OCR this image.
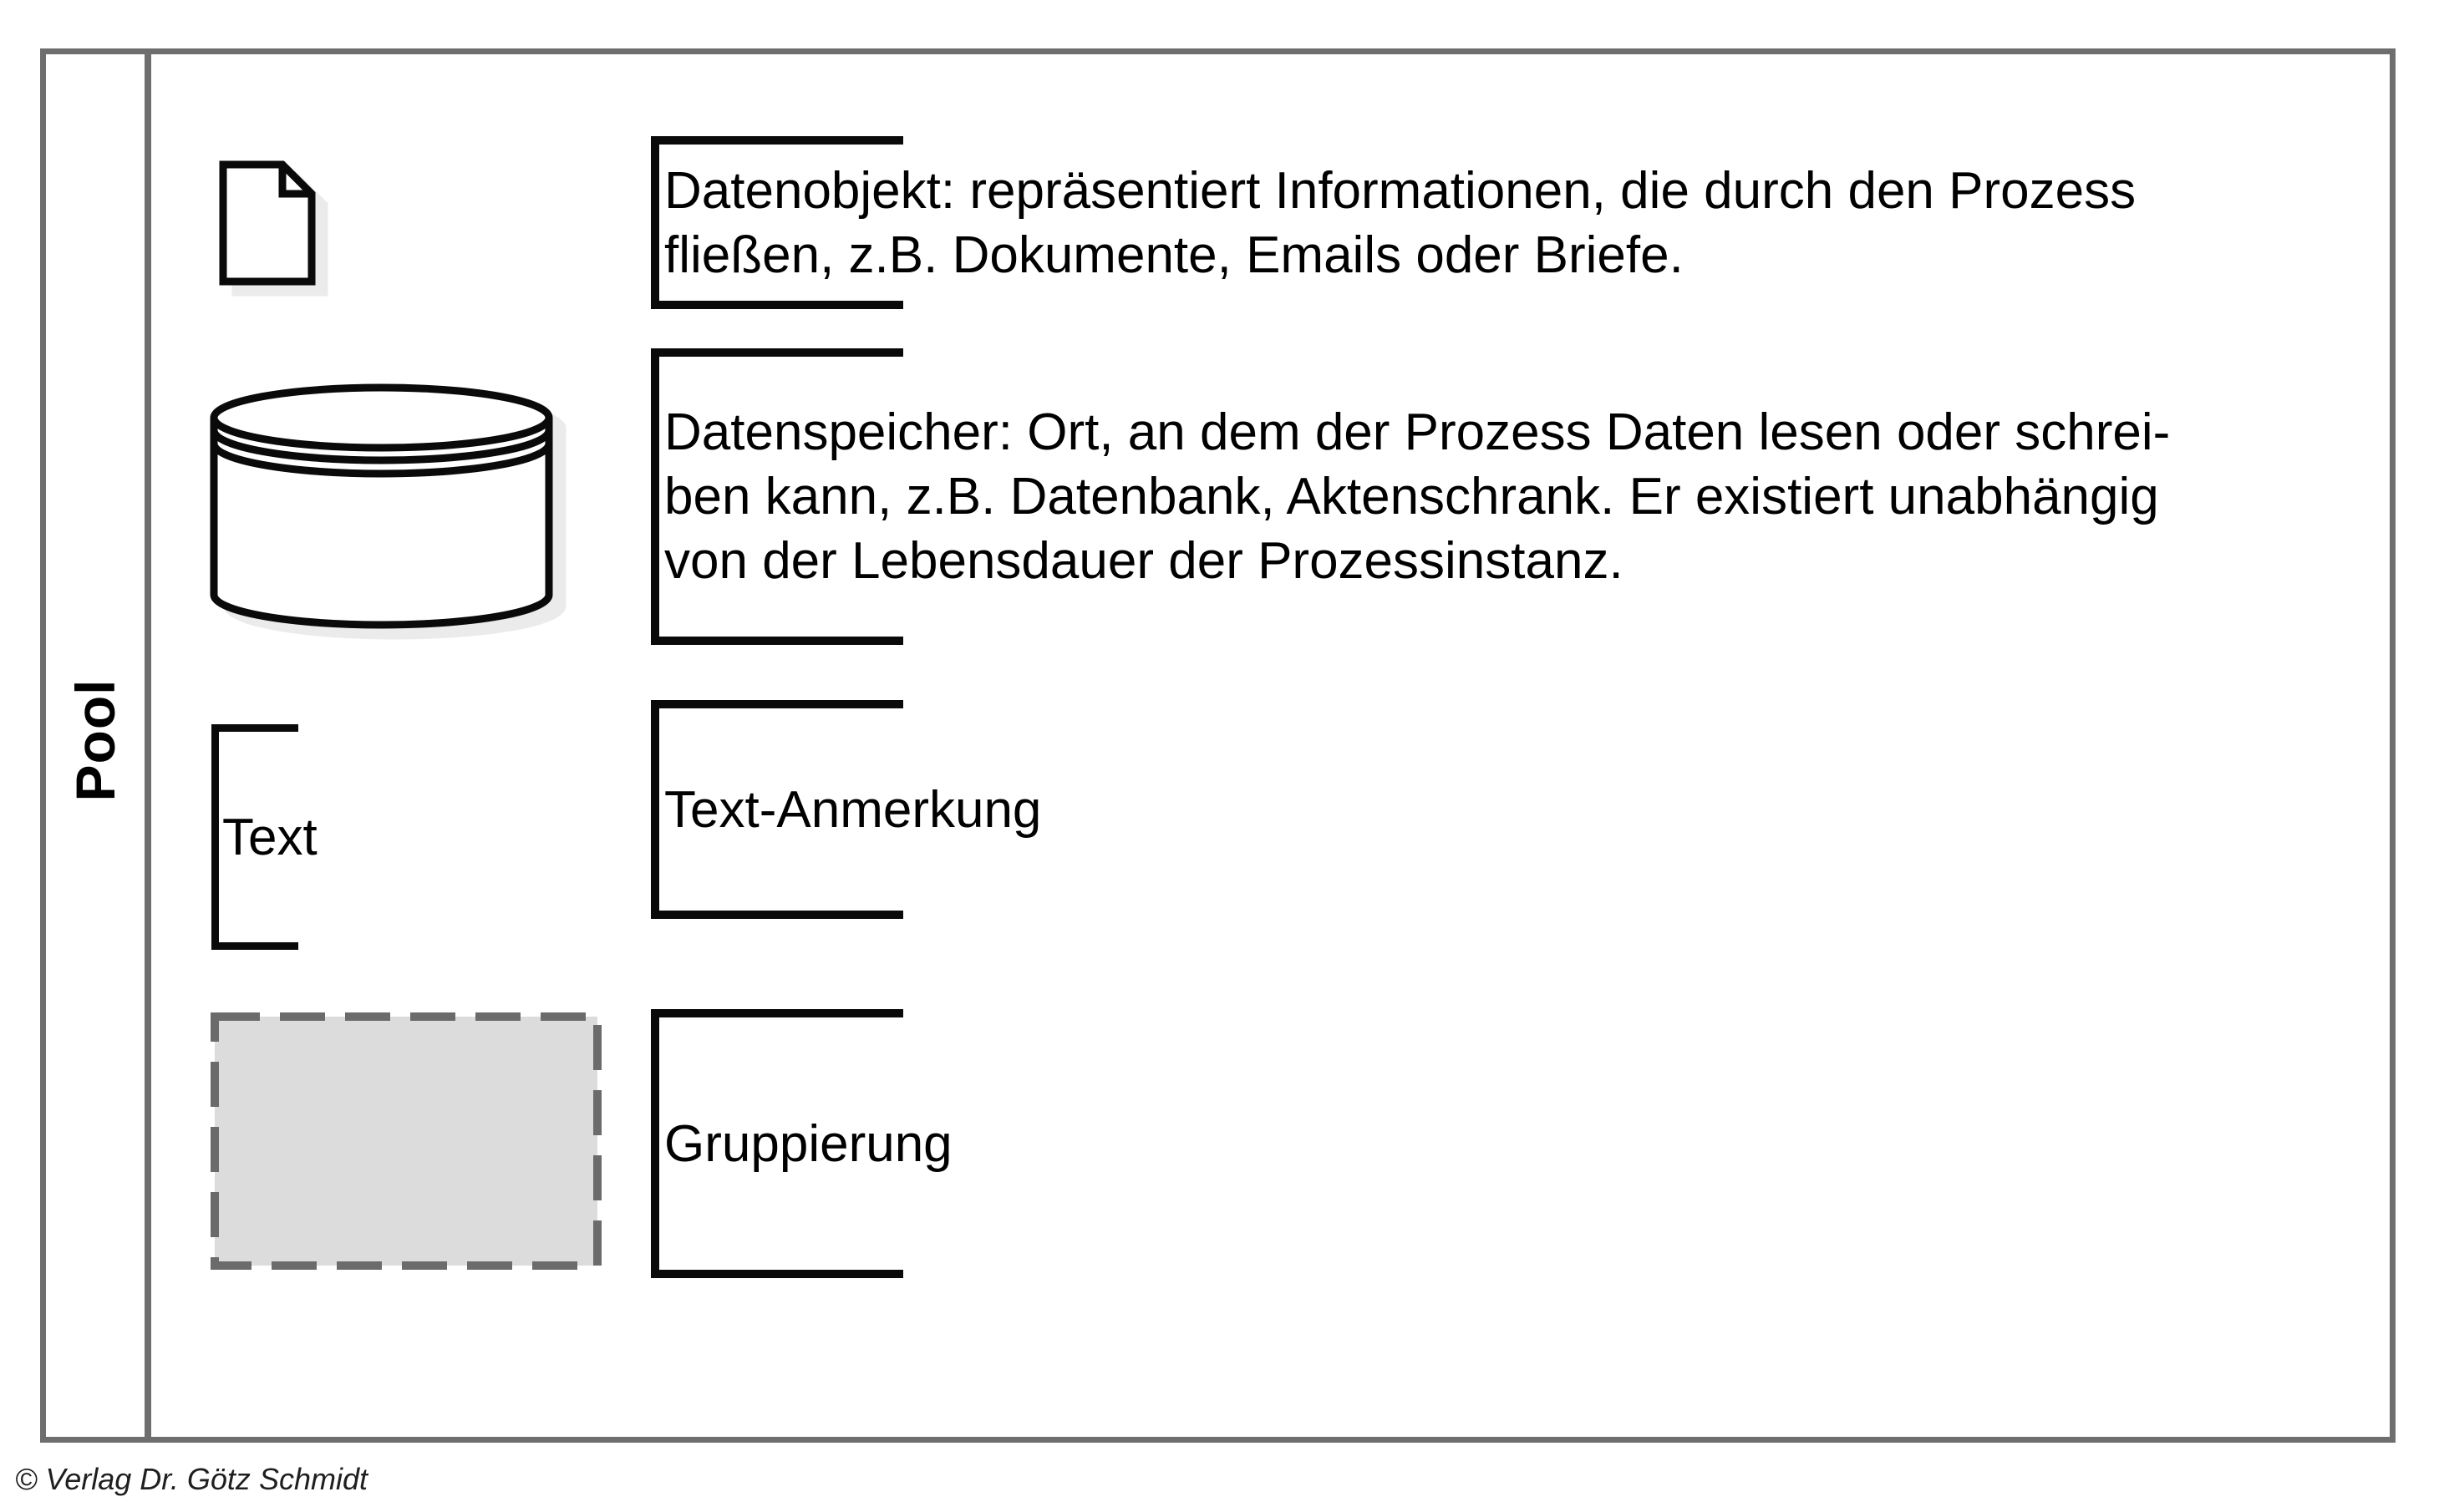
Pool
Datenobjekt: repräsentiert Informationen, die durch den Prozess
fließen, z.B. Dokumente, Emails oder Briefe.
Datenspeicher: Ort, an dem der Prozess Daten lesen oder schrei-
ben kann, z.B. Datenbank, Aktenschrank. Er existiert unabhängig
von der Lebensdauer der Prozessinstanz.
Text	Text-Anmerkung
Gruppierung
© Verlag Dr. Götz Schmidt
